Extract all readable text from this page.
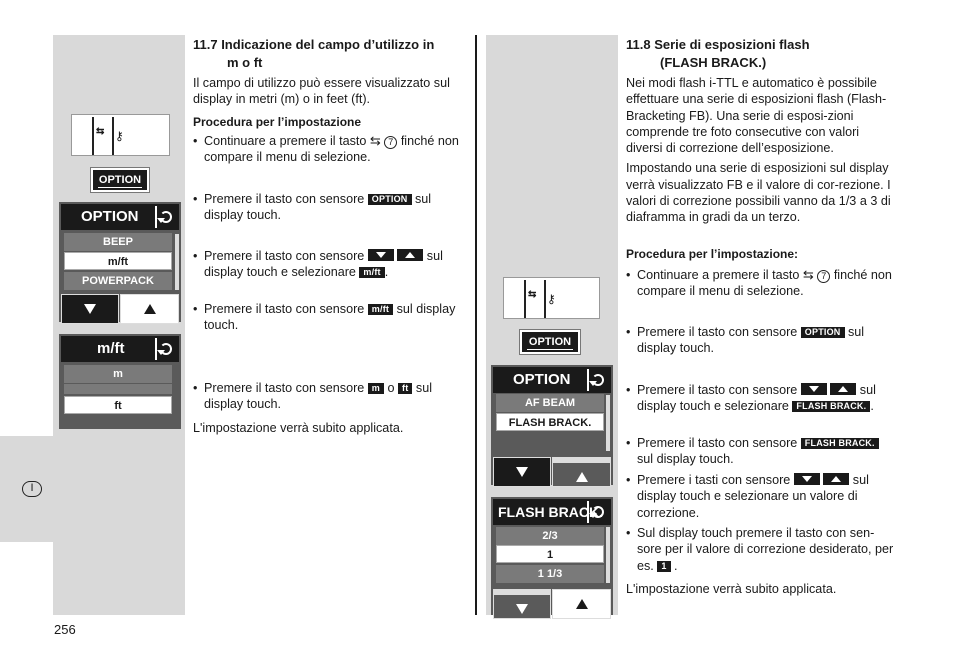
I
256
⇆ ⚷
OPTION
OPTION
BEEP
m/ft
POWERPACK
m/ft
m
ft
⇆ ⚷
OPTION
OPTION
AF BEAM
FLASH BRACK.
FLASH BRACK.
2/3
1
1 1/3
11.7 Indicazione del campo d’utilizzo in
m o ft

Il campo di utilizzo può essere visualizzato sul display in metri (m) o in feet (ft).

Procedura per l’impostazione

• Continuare a premere il tasto ⇆ 7 finché non compare il menu di selezione.
• Premere il tasto con sensore OPTION sul display touch.
• Premere il tasto con sensore	sul display touch e selezionare m/ft .
• Premere il tasto con sensore m/ft sul display touch.
• Premere il tasto con sensore m o ft sul display touch.

L'impostazione verrà subito applicata.

11.8 Serie di esposizioni flash
(FLASH BRACK.)

Nei modi flash i-TTL e automatico è possibile effettuare una serie di esposizioni flash (Flash-Bracketing FB). Una serie di esposi-zioni comprende tre foto consecutive con valori diversi di correzione dell’esposizione.

Impostando una serie di esposizioni sul display verrà visualizzato FB e il valore di cor-rezione. I valori di correzione possibili vanno da 1/3 a 3 di diaframma in gradi da un terzo.

Procedura per l’impostazione:

• Continuare a premere il tasto ⇆ 7 finché non compare il menu di selezione.
• Premere il tasto con sensore OPTION sul display touch.
• Premere il tasto con sensore	sul display touch e selezionare FLASH BRACK. .
• Premere il tasto con sensore FLASH BRACK. sul display touch.
• Premere i tasti con sensore	sul display touch e selezionare un valore di correzione.
• Sul display touch premere il tasto con sen-sore per il valore di correzione desiderato, per es. 1 .

L'impostazione verrà subito applicata.
